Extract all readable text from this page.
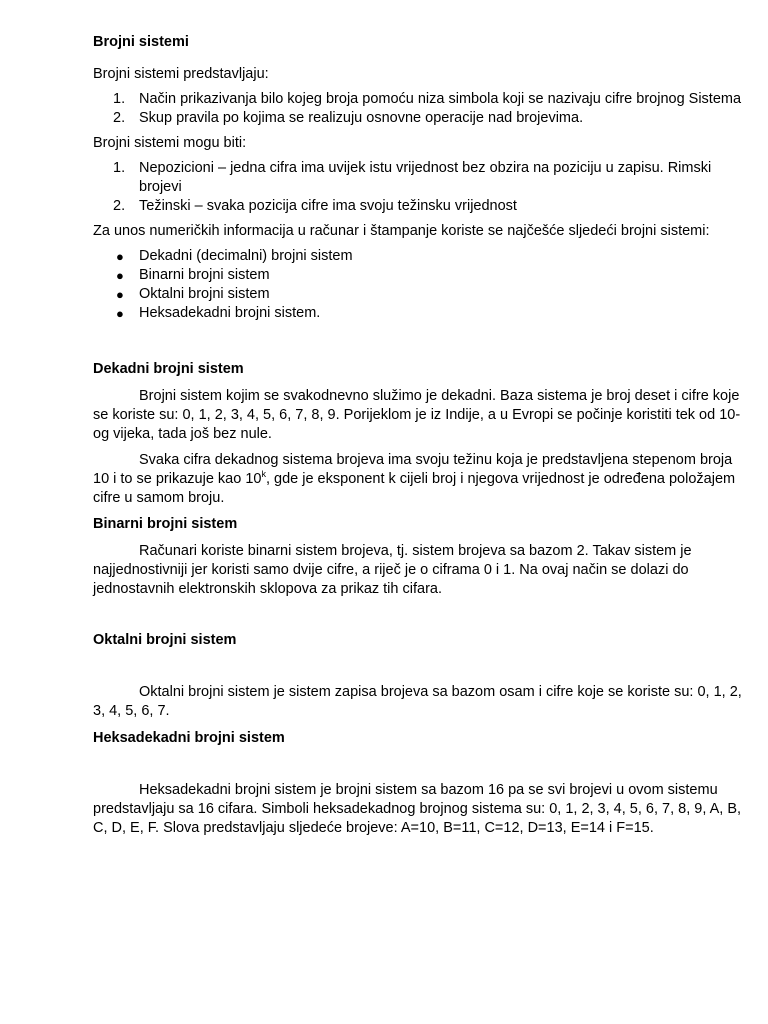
Brojni sistemi

Brojni sistemi predstavljaju:

1. Način prikazivanja bilo kojeg broja pomoću niza simbola koji se nazivaju cifre brojnog Sistema
2. Skup pravila po kojima se realizuju osnovne operacije nad brojevima.

Brojni sistemi mogu biti:

1. Nepozicioni – jedna cifra ima uvijek istu vrijednost bez obzira na poziciju u zapisu. Rimski brojevi
2. Težinski – svaka pozicija cifre ima svoju težinsku vrijednost

Za unos numeričkih informacija u računar i štampanje koriste se najčešće sljedeći brojni sistemi:

● Dekadni (decimalni) brojni sistem
● Binarni brojni sistem
● Oktalni brojni sistem
● Heksadekadni brojni sistem.
Dekadni brojni sistem

Brojni sistem kojim se svakodnevno služimo je dekadni. Baza sistema je broj deset i cifre koje se koriste su: 0, 1, 2, 3, 4, 5, 6, 7, 8, 9. Porijeklom je iz Indije, a u Evropi se počinje koristiti tek od 10-og vijeka, tada još bez nule.

Svaka cifra dekadnog sistema brojeva ima svoju težinu koja je predstavljena stepenom broja 10 i to se prikazuje kao 10$^k$, gde je eksponent k cijeli broj i njegova vrijednost je određena položajem cifre u samom broju.

Binarni brojni sistem

Računari koriste binarni sistem brojeva, tj. sistem brojeva sa bazom 2. Takav sistem je najjednostivniji jer koristi samo dvije cifre, a riječ je o ciframa 0 i 1. Na ovaj način se dolazi do jednostavnih elektronskih sklopova za prikaz tih cifara.

Oktalni brojni sistem

Oktalni brojni sistem je sistem zapisa brojeva sa bazom osam i cifre koje se koriste su: 0, 1, 2, 3, 4, 5, 6, 7.

Heksadekadni brojni sistem

Heksadekadni brojni sistem je brojni sistem sa bazom 16 pa se svi brojevi u ovom sistemu predstavljaju sa 16 cifara. Simboli heksadekadnog brojnog sistema su: 0, 1, 2, 3, 4, 5, 6, 7, 8, 9, A, B, C, D, E, F. Slova predstavljaju sljedeće brojeve: A=10, B=11, C=12, D=13, E=14 i F=15.
